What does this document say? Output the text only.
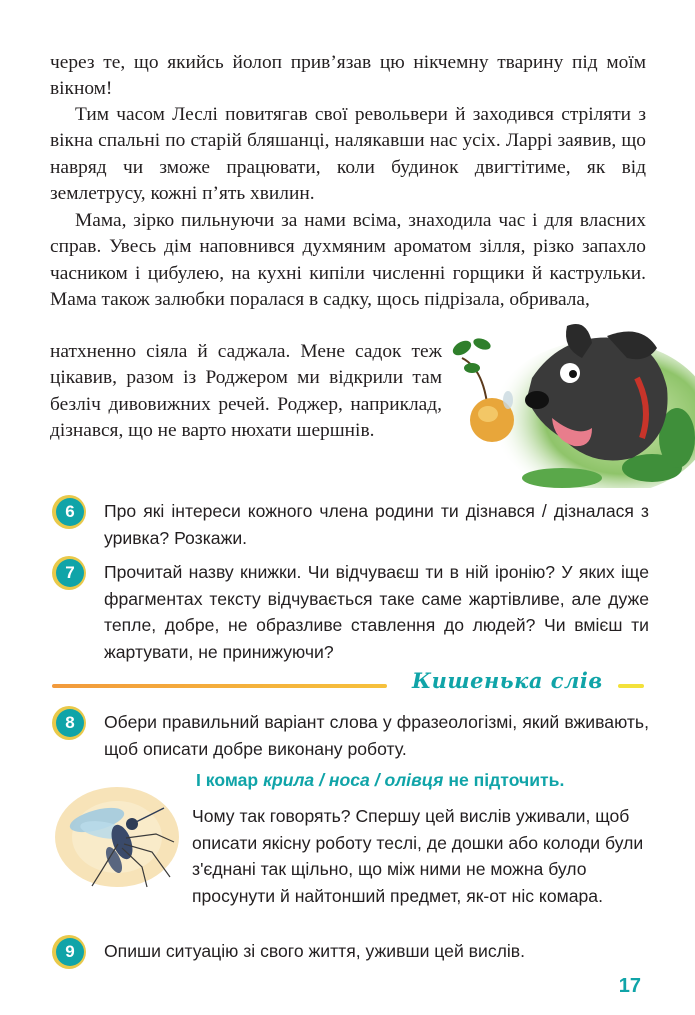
через те, що якийсь йолоп прив’язав цю нікчемну тварину під моїм вікном!

Тим часом Леслі повитягав свої револьвери й заходився стріляти з вікна спальні по старій бляшанці, налякавши нас усіх. Ларрі заявив, що навряд чи зможе працювати, коли будинок двигтітиме, як від землетрусу, кожні п’ять хвилин.

Мама, зірко пильнуючи за нами всіма, знаходила час і для власних справ. Увесь дім наповнився духмяним ароматом зілля, різко запахло часником і цибулею, на кухні кипіли численні горщики й каструльки. Мама також залюбки поралася в садку, щось підрізала, обривала,

натхненно сіяла й саджала. Мене садок теж цікавив, разом із Роджером ми відкрили там безліч дивовижних речей. Роджер, наприклад, дізнався, що не варто нюхати шершнів.

6	Про які інтереси кожного члена родини ти дізнався / дізналася з уривка? Розкажи.

7	Прочитай назву книжки. Чи відчуваєш ти в ній іронію? У яких іще фрагментах тексту відчувається таке саме жартівливе, але дуже тепле, добре, не образливе ставлення до людей? Чи вмієш ти жартувати, не принижуючи?

Кишенька слів
8	Обери правильний варіант слова у фразеологізмі, який вживають, щоб описати добре виконану роботу.

І комар крила / носа / олівця не підточить.

Чому так говорять? Спершу цей вислів уживали, щоб описати якісну роботу теслі, де дошки або колоди були з'єднані так щільно, що між ними не можна було просунути й найтонший предмет, як-от ніс комара.

9	Опиши ситуацію зі свого життя, уживши цей вислів.

17
